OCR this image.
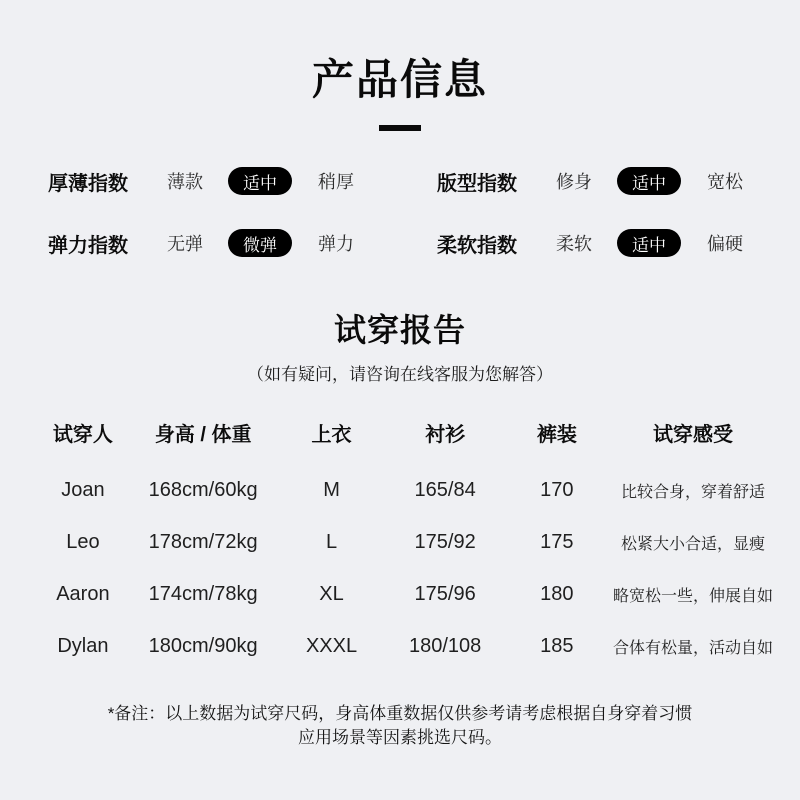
产品信息
厚薄指数	薄款	适中	稍厚	版型指数	修身	适中	宽松
弹力指数	无弹	微弹	弹力	柔软指数	柔软	适中	偏硬
试穿报告

（如有疑问，请咨询在线客服为您解答）

试穿人	身高 / 体重	上衣	衬衫	裤装	试穿感受
Joan	168cm/60kg	M	165/84	170	比较合身，穿着舒适
Leo	178cm/72kg	L	175/92	175	松紧大小合适，显瘦
Aaron	174cm/78kg	XL	175/96	180	略宽松一些，伸展自如
Dylan	180cm/90kg	XXXL	180/108	185	合体有松量，活动自如
*备注：以上数据为试穿尺码，身高体重数据仅供参考请考虑根据自身穿着习惯
应用场景等因素挑选尺码。
